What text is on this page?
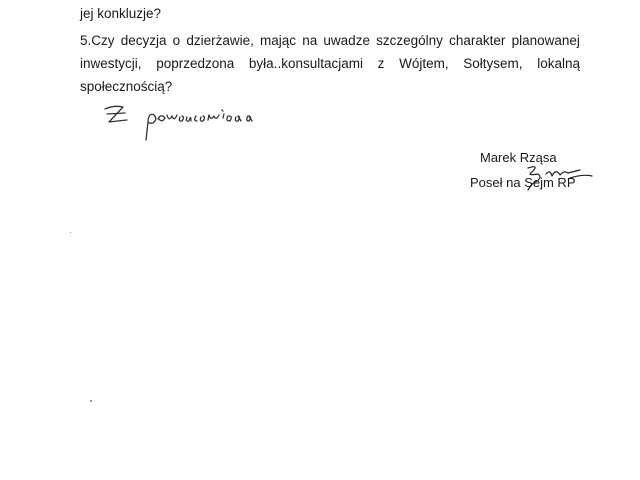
jej konkluzje?
5.Czy decyzja o dzierżawie, mając na uwadze szczególny charakter planowanej
inwestycji, poprzedzona była..konsultacjami z Wójtem, Sołtysem, lokalną
społecznością?
Marek Rząsa
Poseł na Sejm RP
